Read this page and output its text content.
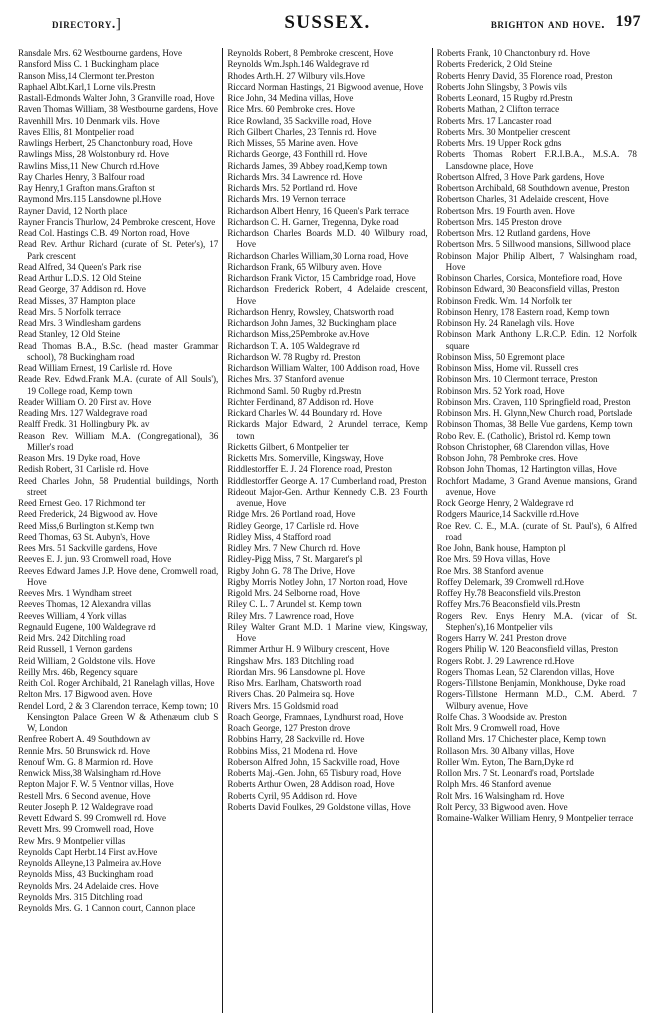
directory.]	SUSSEX.	brighton and hove. 197

Ransdale Mrs. 62 Westbourne gardens, Hove

Ransford Miss C. 1 Buckingham place

Ranson Miss,14 Clermont ter.Preston

Raphael Albt.Karl,1 Lorne vils.Prestn

Rastall-Edmonds Walter John, 3 Granville road, Hove

Raven Thomas William, 38 Westbourne gardens, Hove

Ravenhill Mrs. 10 Denmark vils. Hove

Raves Ellis, 81 Montpelier road

Rawlings Herbert, 25 Chanctonbury road, Hove

Rawlings Miss, 28 Wolstonbury rd. Hove

Rawlins Miss,11 New Church rd.Hove

Ray Charles Henry, 3 Balfour road

Ray Henry,1 Grafton mans.Grafton st

Raymond Mrs.115 Lansdowne pl.Hove

Rayner David, 12 North place

Rayner Francis Thurlow, 24 Pembroke crescent, Hove

Read Col. Hastings C.B. 49 Norton road, Hove

Read Rev. Arthur Richard (curate of St. Peter's), 17 Park crescent

Read Alfred, 34 Queen's Park rise

Read Arthur L.D.S. 12 Old Steine

Read George, 37 Addison rd. Hove

Read Misses, 37 Hampton place

Read Mrs. 5 Norfolk terrace

Read Mrs. 3 Windlesham gardens

Read Stanley, 12 Old Steine

Read Thomas B.A., B.Sc. (head master Grammar school), 78 Buckingham road

Read William Ernest, 19 Carlisle rd. Hove

Reade Rev. Edwd.Frank M.A. (curate of All Souls'), 19 College road, Kemp town

Reader William O. 20 First av. Hove

Reading Mrs. 127 Waldegrave road

Realff Fredk. 31 Hollingbury Pk. av

Reason Rev. William M.A. (Congregational), 36 Miller's road

Reason Mrs. 19 Dyke road, Hove

Redish Robert, 31 Carlisle rd. Hove

Reed Charles John, 58 Prudential buildings, North street

Reed Ernest Geo. 17 Richmond ter

Reed Frederick, 24 Bigwood av. Hove

Reed Miss,6 Burlington st.Kemp twn

Reed Thomas, 63 St. Aubyn's, Hove

Rees Mrs. 51 Sackville gardens, Hove

Reeves E. J. jun. 93 Cromwell road, Hove

Reeves Edward James J.P. Hove dene, Cromwell road, Hove

Reeves Mrs. 1 Wyndham street

Reeves Thomas, 12 Alexandra villas

Reeves William, 4 York villas

Regnauld Eugene, 100 Waldegrave rd

Reid Mrs. 242 Ditchling road

Reid Russell, 1 Vernon gardens

Reid William, 2 Goldstone vils. Hove

Reilly Mrs. 46b, Regency square

Reith Col. Roger Archibald, 21 Ranelagh villas, Hove

Relton Mrs. 17 Bigwood aven. Hove

Rendel Lord, 2 & 3 Clarendon terrace, Kemp town; 10 Kensington Palace Green W & Athenæum club S W, London

Renfree Robert A. 49 Southdown av

Rennie Mrs. 50 Brunswick rd. Hove

Renouf Wm. G. 8 Marmion rd. Hove

Renwick Miss,38 Walsingham rd.Hove

Repton Major F. W. 5 Ventnor villas, Hove

Restell Mrs. 6 Second avenue, Hove

Reuter Joseph P. 12 Waldegrave road

Revett Edward S. 99 Cromwell rd. Hove

Revett Mrs. 99 Cromwell road, Hove

Rew Mrs. 9 Montpelier villas

Reynolds Capt Herbt.14 First av.Hove

Reynolds Alleyne,13 Palmeira av.Hove

Reynolds Miss, 43 Buckingham road

Reynolds Mrs. 24 Adelaide cres. Hove

Reynolds Mrs. 315 Ditchling road

Reynolds Mrs. G. 1 Cannon court, Cannon place

Reynolds Robert, 8 Pembroke crescent, Hove

Reynolds Wm.Jsph.146 Waldegrave rd

Rhodes Arth.H. 27 Wilbury vils.Hove

Riccard Norman Hastings, 21 Bigwood avenue, Hove

Rice John, 34 Medina villas, Hove

Rice Mrs. 60 Pembroke cres. Hove

Rice Rowland, 35 Sackville road, Hove

Rich Gilbert Charles, 23 Tennis rd. Hove

Rich Misses, 55 Marine aven. Hove

Richards George, 43 Fonthill rd. Hove

Richards James, 39 Abbey road,Kemp town

Richards Mrs. 34 Lawrence rd. Hove

Richards Mrs. 52 Portland rd. Hove

Richards Mrs. 19 Vernon terrace

Richardson Albert Henry, 16 Queen's Park terrace

Richardson C. H. Garner, Tregenna, Dyke road

Richardson Charles Boards M.D. 40 Wilbury road, Hove

Richardson Charles William,30 Lorna road, Hove

Richardson Frank, 65 Wilbury aven. Hove

Richardson Frank Victor, 15 Cambridge road, Hove

Richardson Frederick Robert, 4 Adelaide crescent, Hove

Richardson Henry, Rowsley, Chatsworth road

Richardson John James, 32 Buckingham place

Richardson Miss,25Pembroke av.Hove

Richardson T. A. 105 Waldegrave rd

Richardson W. 78 Rugby rd. Preston

Richardson William Walter, 100 Addison road, Hove

Riches Mrs. 37 Stanford avenue

Richmond Saml. 50 Rugby rd.Prestn

Richter Ferdinand, 87 Addison rd. Hove

Rickard Charles W. 44 Boundary rd. Hove

Rickards Major Edward, 2 Arundel terrace, Kemp town

Ricketts Gilbert, 6 Montpelier ter

Ricketts Mrs. Somerville, Kingsway, Hove

Riddlestorffer E. J. 24 Florence road, Preston

Riddlestorffer George A. 17 Cumberland road, Preston

Rideout Major-Gen. Arthur Kennedy C.B. 23 Fourth avenue, Hove

Ridge Mrs. 26 Portland road, Hove

Ridley George, 17 Carlisle rd. Hove

Ridley Miss, 4 Stafford road

Ridley Mrs. 7 New Church rd. Hove

Ridley-Pigg Miss, 7 St. Margaret's pl

Rigby John G. 78 The Drive, Hove

Rigby Morris Notley John, 17 Norton road, Hove

Rigold Mrs. 24 Selborne road, Hove

Riley C. L. 7 Arundel st. Kemp town

Riley Mrs. 7 Lawrence road, Hove

Riley Walter Grant M.D. 1 Marine view, Kingsway, Hove

Rimmer Arthur H. 9 Wilbury crescent, Hove

Ringshaw Mrs. 183 Ditchling road

Riordan Mrs. 96 Lansdowne pl. Hove

Riso Mrs. Earlham, Chatsworth road

Rivers Chas. 20 Palmeira sq. Hove

Rivers Mrs. 15 Goldsmid road

Roach George, Framnaes, Lyndhurst road, Hove

Roach George, 127 Preston drove

Robbins Harry, 28 Sackville rd. Hove

Robbins Miss, 21 Modena rd. Hove

Roberson Alfred John, 15 Sackville road, Hove

Roberts Maj.-Gen. John, 65 Tisbury road, Hove

Roberts Arthur Owen, 28 Addison road, Hove

Roberts Cyril, 95 Addison rd. Hove

Roberts David Foulkes, 29 Goldstone villas, Hove

Roberts Frank, 10 Chanctonbury rd. Hove

Roberts Frederick, 2 Old Steine

Roberts Henry David, 35 Florence road, Preston

Roberts John Slingsby, 3 Powis vils

Roberts Leonard, 15 Rugby rd.Prestn

Roberts Mathan, 2 Clifton terrace

Roberts Mrs. 17 Lancaster road

Roberts Mrs. 30 Montpelier crescent

Roberts Mrs. 19 Upper Rock gdns

Roberts Thomas Robert F.R.I.B.A., M.S.A. 78 Lansdowne place, Hove

Robertson Alfred, 3 Hove Park gardens, Hove

Robertson Archibald, 68 Southdown avenue, Preston

Robertson Charles, 31 Adelaide crescent, Hove

Robertson Mrs. 19 Fourth aven. Hove

Robertson Mrs. 145 Preston drove

Robertson Mrs. 12 Rutland gardens, Hove

Robertson Mrs. 5 Sillwood mansions, Sillwood place

Robinson Major Philip Albert, 7 Walsingham road, Hove

Robinson Charles, Corsica, Montefiore road, Hove

Robinson Edward, 30 Beaconsfield villas, Preston

Robinson Fredk. Wm. 14 Norfolk ter

Robinson Henry, 178 Eastern road, Kemp town

Robinson Hy. 24 Ranelagh vils. Hove

Robinson Mark Anthony L.R.C.P. Edin. 12 Norfolk square

Robinson Miss, 50 Egremont place

Robinson Miss, Home vil. Russell cres

Robinson Mrs. 10 Clermont terrace, Preston

Robinson Mrs. 52 York road, Hove

Robinson Mrs. Craven, 110 Springfield road, Preston

Robinson Mrs. H. Glynn,New Church road, Portslade

Robinson Thomas, 38 Belle Vue gardens, Kemp town

Robo Rev. E. (Catholic), Bristol rd. Kemp town

Robson Christopher, 68 Clarendon villas, Hove

Robson John, 78 Pembroke cres. Hove

Robson John Thomas, 12 Hartington villas, Hove

Rochfort Madame, 3 Grand Avenue mansions, Grand avenue, Hove

Rock George Henry, 2 Waldegrave rd

Rodgers Maurice,14 Sackville rd.Hove

Roe Rev. C. E., M.A. (curate of St. Paul's), 6 Alfred road

Roe John, Bank house, Hampton pl

Roe Mrs. 59 Hova villas, Hove

Roe Mrs. 38 Stanford avenue

Roffey Delemark, 39 Cromwell rd.Hove

Roffey Hy.78 Beaconsfield vils.Preston

Roffey Mrs.76 Beaconsfield vils.Prestn

Rogers Rev. Enys Henry M.A. (vicar of St. Stephen's),16 Montpelier vils

Rogers Harry W. 241 Preston drove

Rogers Philip W. 120 Beaconsfield villas, Preston

Rogers Robt. J. 29 Lawrence rd.Hove

Rogers Thomas Lean, 52 Clarendon villas, Hove

Rogers-Tillstone Benjamin, Monkhouse, Dyke road

Rogers-Tillstone Hermann M.D., C.M. Aberd. 7 Wilbury avenue, Hove

Rolfe Chas. 3 Woodside av. Preston

Rolt Mrs. 9 Cromwell road, Hove

Rolland Mrs. 17 Chichester place, Kemp town

Rollason Mrs. 30 Albany villas, Hove

Roller Wm. Eyton, The Barn,Dyke rd

Rollon Mrs. 7 St. Leonard's road, Portslade

Rolph Mrs. 46 Stanford avenue

Rolt Mrs. 16 Walsingham rd. Hove

Rolt Percy, 33 Bigwood aven. Hove

Romaine-Walker William Henry, 9 Montpelier terrace
